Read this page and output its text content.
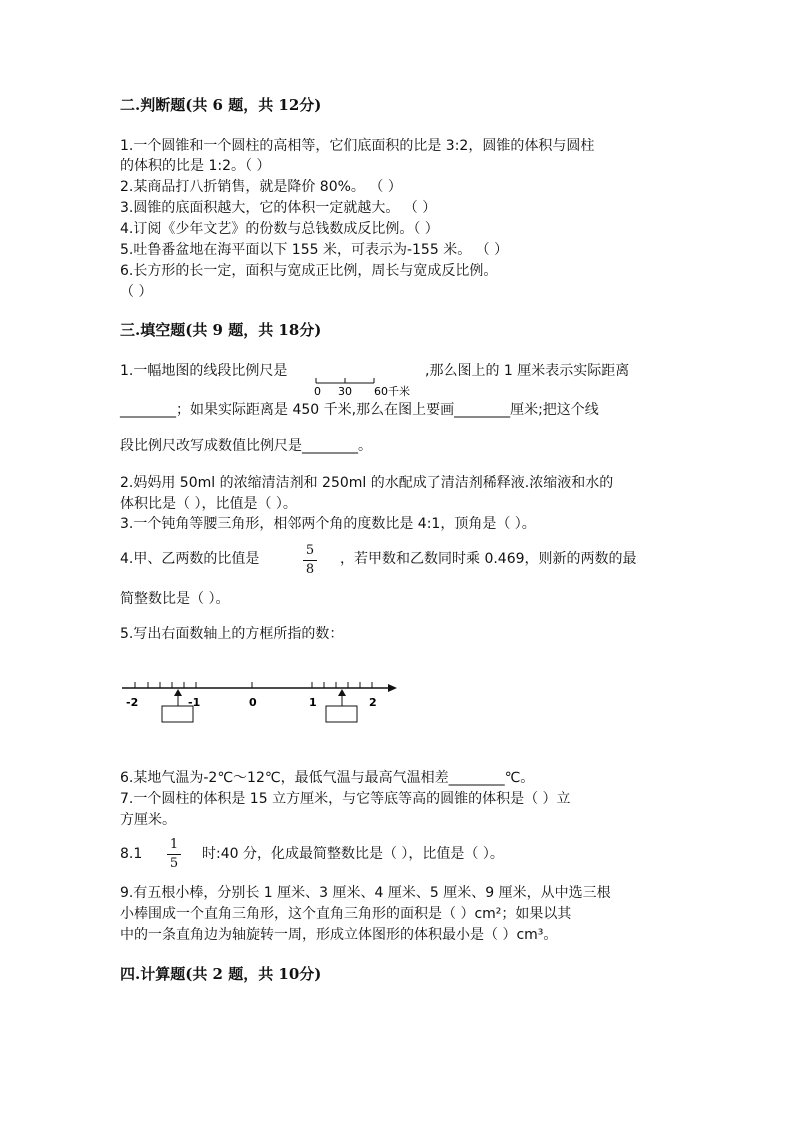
二.判断题(共 6 题，共 12分)
1.一个圆锥和一个圆柱的高相等，它们底面积的比是 3:2，圆锥的体积与圆柱
的体积的比是 1:2。（ ）
2.某商品打八折销售，就是降价 80%。 （ ）
3.圆锥的底面积越大，它的体积一定就越大。 （ ）
4.订阅《少年文艺》的份数与总钱数成反比例。（ ）
5.吐鲁番盆地在海平面以下 155 米，可表示为-155 米。 （ ）
6.长方形的长一定，面积与宽成正比例，周长与宽成反比例。
（ ）
三.填空题(共 9 题，共 18分)
1.一幅地图的线段比例尺是	,那么图上的 1 厘米表示实际距离
0 30 60千米
________；如果实际距离是 450 千米,那么在图上要画________厘米;把这个线
段比例尺改写成数值比例尺是________。
2.妈妈用 50ml 的浓缩清洁剂和 250ml 的水配成了清洁剂稀释液.浓缩液和水的
体积比是（ ），比值是（ ）。
3.一个钝角等腰三角形，相邻两个角的度数比是 4:1，顶角是（ ）。
4.甲、乙两数的比值是
5
8
，若甲数和乙数同时乘 0.469，则新的两数的最
简整数比是（ ）。
5.写出右面数轴上的方框所指的数：
-2	-1	0	1	2
6.某地气温为-2℃～12℃，最低气温与最高气温相差________℃。
7.一个圆柱的体积是 15 立方厘米，与它等底等高的圆锥的体积是（ ）立
方厘米。
8.1
1
5
时:40 分，化成最简整数比是（ ），比值是（ ）。
9.有五根小棒，分别长 1 厘米、3 厘米、4 厘米、5 厘米、9 厘米，从中选三根
小棒围成一个直角三角形，这个直角三角形的面积是（ ）cm²；如果以其
中的一条直角边为轴旋转一周，形成立体图形的体积最小是（ ）cm³。
四.计算题(共 2 题，共 10分)
